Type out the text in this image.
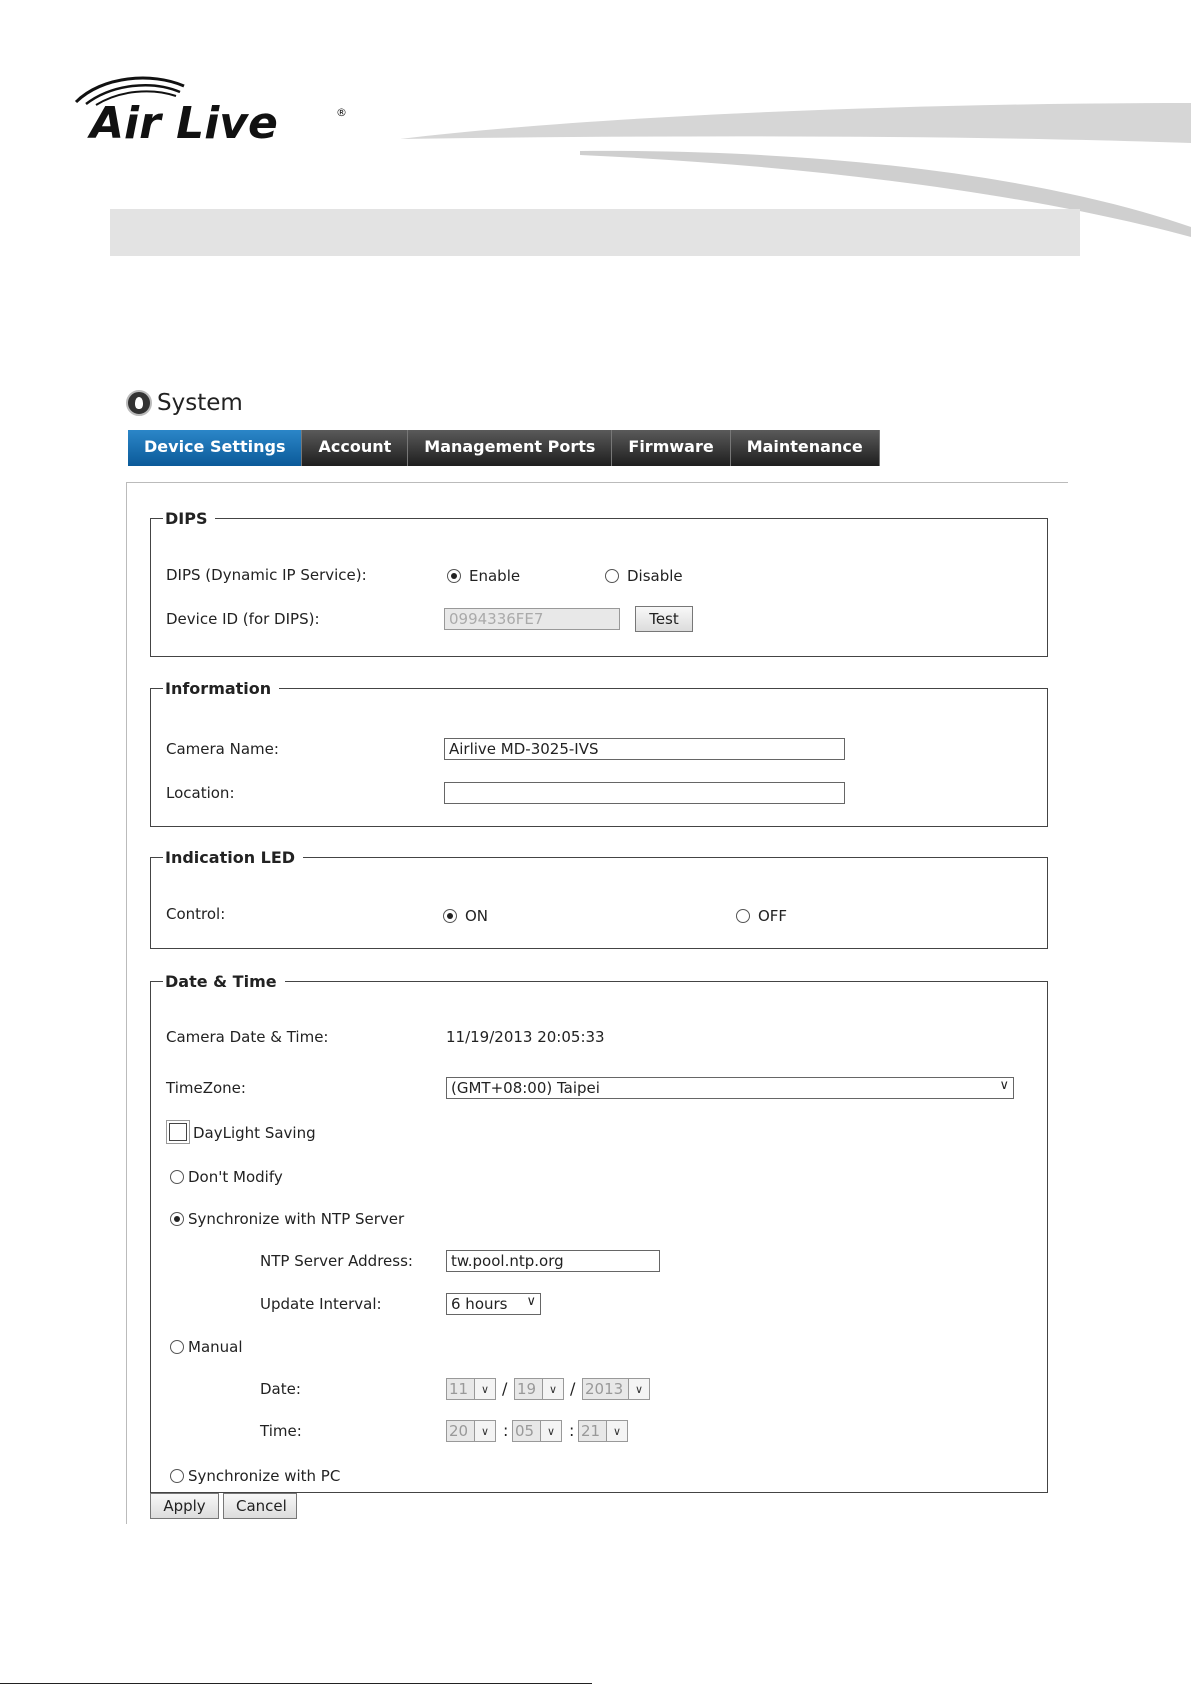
Air Live	®
System
Device Settings	Account	Management Ports	Firmware	Maintenance
DIPS
DIPS (Dynamic IP Service):	Enable	Disable
Device ID (for DIPS):
0994336FE7	Test
Information
Camera Name:
Airlive MD-3025-IVS
Location:
Indication LED
Control:	ON	OFF
Date & Time
Camera Date & Time:	11/19/2013 20:05:33
TimeZone:	(GMT+08:00) Taipei	∨
DayLight Saving
Don't Modify
Synchronize with NTP Server
NTP Server Address:
tw.pool.ntp.org
Update Interval:	6 hours ∨
Manual
Date:	11	∨ / 19	∨ / 2013	∨
Time:	20	∨ : 05	∨ : 21	∨
Synchronize with PC
Apply	Cancel
